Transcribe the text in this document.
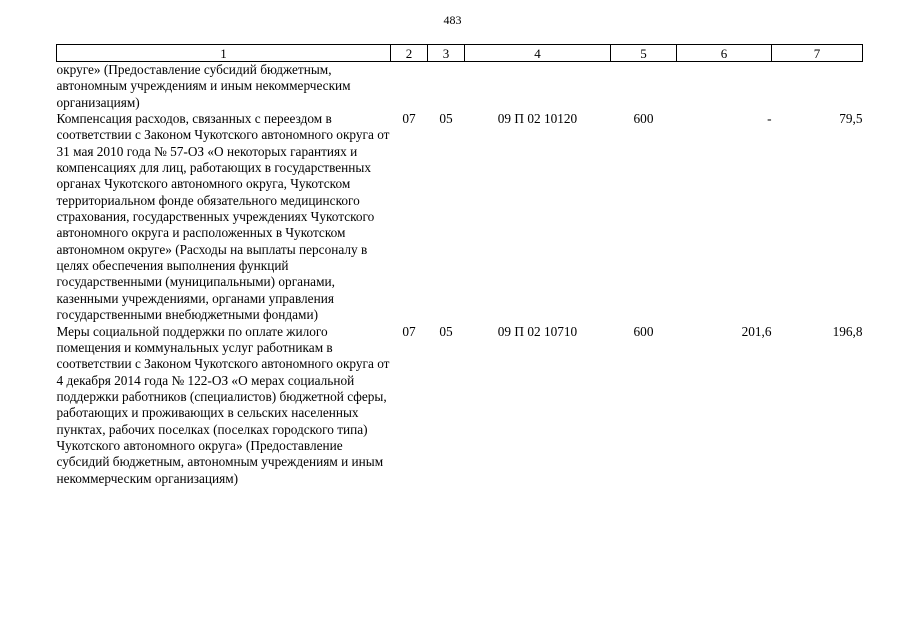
483
1	2	3	4	5	6	7
округе» (Предоставление субсидий бюджетным, автономным учреждениям и иным некоммерческим организациям)						
Компенсация расходов, связанных с переездом в соответствии с Законом Чукотского автономного округа от 31 мая 2010 года № 57-ОЗ «О некоторых гарантиях и компенсациях для лиц, работающих в государственных органах Чукотского автономного округа, Чукотском территориальном фонде обязательного медицинского страхования, государственных учреждениях Чукотского автономного округа и расположенных в Чукотском автономном округе» (Расходы на выплаты персоналу в целях обеспечения выполнения функций государственными (муниципальными) органами, казенными учреждениями, органами управления государственными внебюджетными фондами)	07	05	09 П 02 10120	600	-	79,5
Меры социальной поддержки по оплате жилого помещения и коммунальных услуг работникам в соответствии с Законом Чукотского автономного округа от 4 декабря 2014 года № 122-ОЗ «О мерах социальной поддержки работников (специалистов) бюджетной сферы, работающих и проживающих в сельских населенных пунктах, рабочих поселках (поселках городского типа) Чукотского автономного округа» (Предоставление субсидий бюджетным, автономным учреждениям и иным некоммерческим организациям)	07	05	09 П 02 10710	600	201,6	196,8
